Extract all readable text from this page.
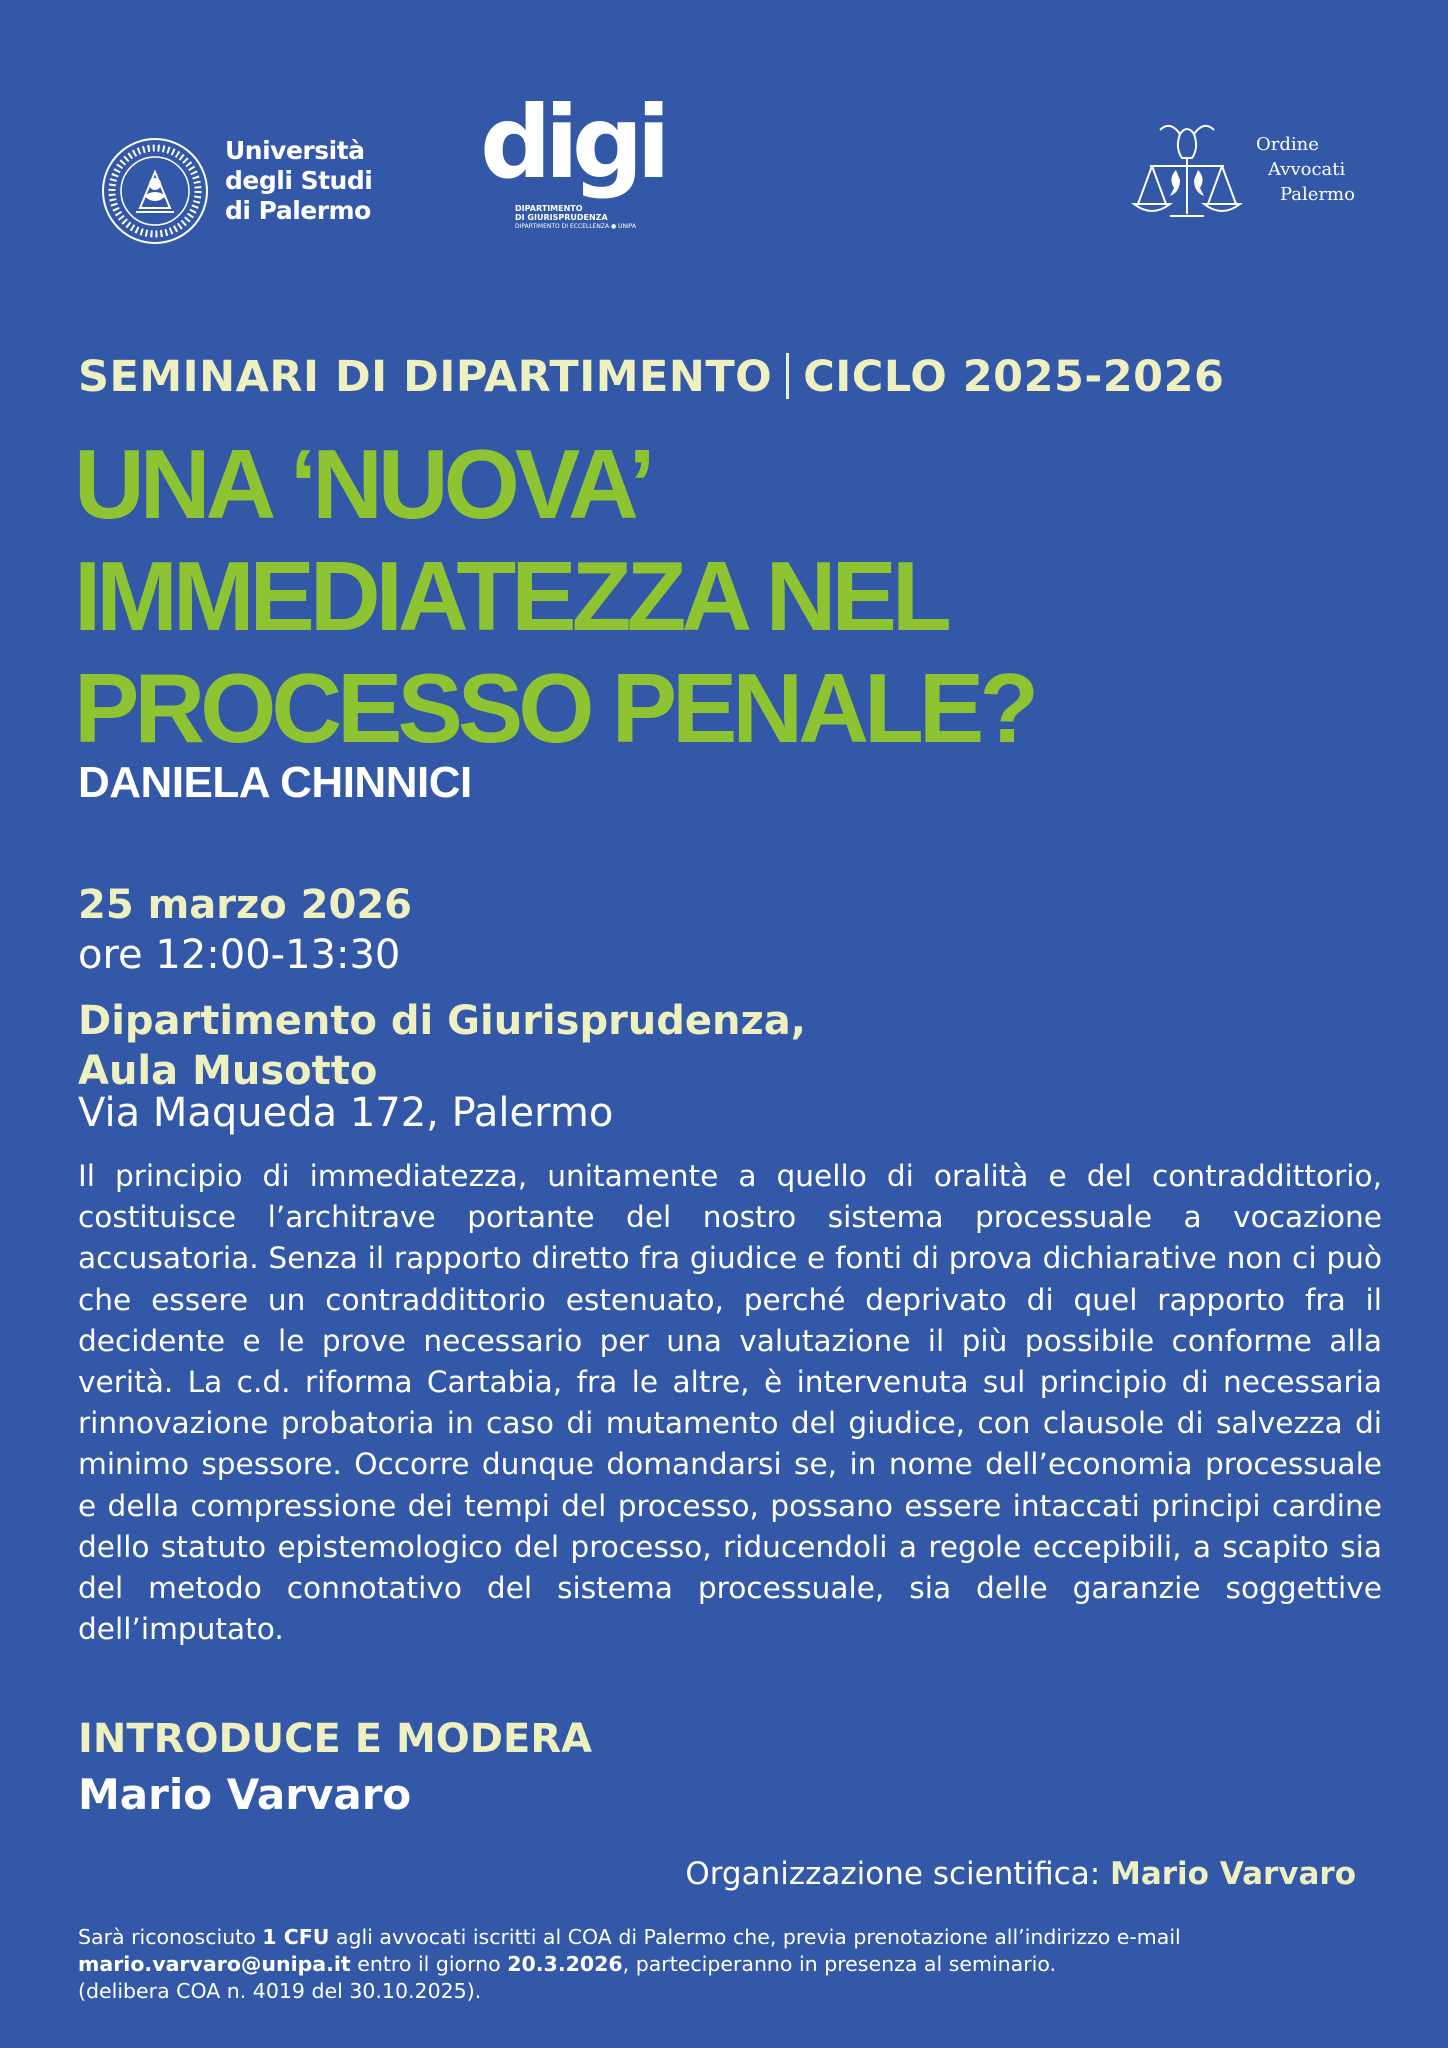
Università
degli Studi
di Palermo
digi
DIPARTIMENTO
DI GIURISPRUDENZA
DIPARTIMENTO DI ECCELLENZA ● UNIPA
Ordine
Avvocati
Palermo
SEMINARI DI DIPARTIMENTO CICLO 2025-2026
UNA ‘NUOVA’
IMMEDIATEZZA NEL
PROCESSO PENALE?
DANIELA CHINNICI
25 marzo 2026
ore 12:00-13:30
Dipartimento di Giurisprudenza,
Aula Musotto
Via Maqueda 172, Palermo
Il principio di immediatezza, unitamente a quello di oralità e del contraddittorio, costituisce l’architrave portante del nostro sistema processuale a vocazione accusatoria. Senza il rapporto diretto fra giudice e fonti di prova dichiarative non ci può che essere un contraddittorio estenuato, perché deprivato di quel rapporto fra il decidente e le prove necessario per una valutazione il più possibile conforme alla verità. La c.d. riforma Cartabia, fra le altre, è intervenuta sul principio di necessaria rinnovazione probatoria in caso di mutamento del giudice, con clausole di salvezza di minimo spessore. Occorre dunque domandarsi se, in nome dell’economia processuale e della compressione dei tempi del processo, possano essere intaccati principi cardine dello statuto epistemologico del processo, riducendoli a regole eccepibili, a scapito sia del metodo connotativo del sistema processuale, sia delle garanzie soggettive dell’imputato.
INTRODUCE E MODERA
Mario Varvaro
Organizzazione scientifica: Mario Varvaro
Sarà riconosciuto 1 CFU agli avvocati iscritti al COA di Palermo che, previa prenotazione all’indirizzo e-mail
mario.varvaro@unipa.it entro il giorno 20.3.2026, parteciperanno in presenza al seminario.
(delibera COA n. 4019 del 30.10.2025).
